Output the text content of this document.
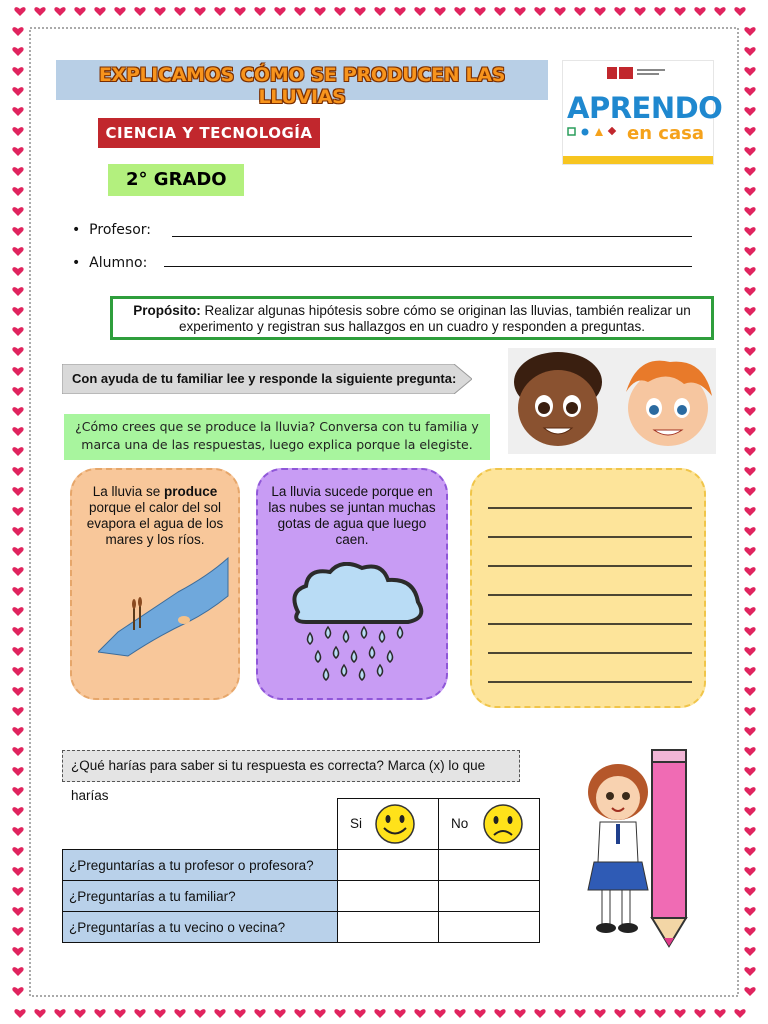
EXPLICAMOS CÓMO SE PRODUCEN LAS LLUVIAS	APRENDO
en casa
CIENCIA Y TECNOLOGÍA
2° GRADO
•  Profesor:
•  Alumno:
Propósito: Realizar algunas hipótesis sobre cómo se originan las lluvias, también realizar un experimento y registran sus hallazgos en un cuadro y responden a preguntas.
Con ayuda de tu familiar lee y responde la siguiente pregunta:
¿Cómo crees que se produce la lluvia? Conversa con tu familia y marca una de las respuestas, luego explica porque la elegiste.
La lluvia se produce porque el calor del sol evapora el agua de los mares y los ríos.
La lluvia sucede porque en las nubes se juntan muchas gotas de agua que luego caen.
¿Qué harías para saber si tu respuesta es correcta? Marca (x) lo que harías
	Si	No
¿Preguntarías a tu profesor o profesora?		
¿Preguntarías a tu familiar?		
¿Preguntarías a tu vecino o vecina?		
